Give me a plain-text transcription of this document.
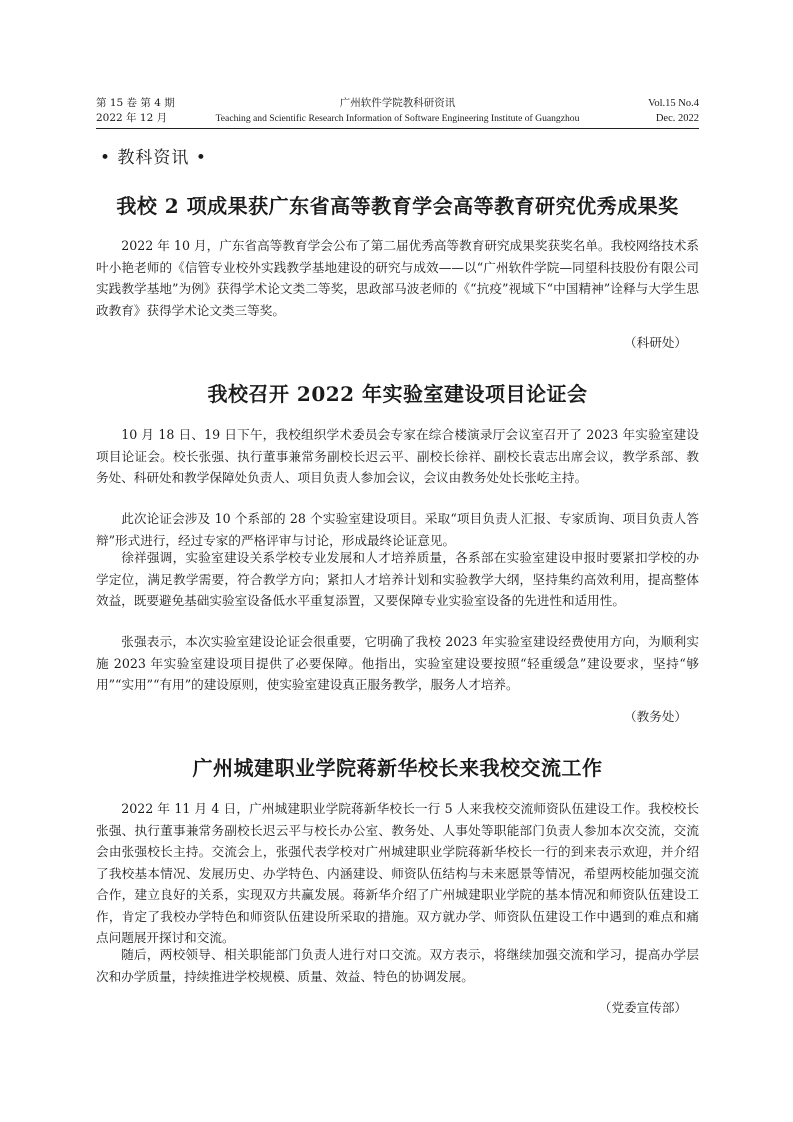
第 15 卷 第 4 期
2022 年 12 月
广州软件学院教科研资讯
Teaching and Scientific Research Information of Software Engineering Institute of Guangzhou
Vol.15 No.4
Dec. 2022
• 教科资讯 •
我校 2 项成果获广东省高等教育学会高等教育研究优秀成果奖

2022 年 10 月，广东省高等教育学会公布了第二届优秀高等教育研究成果奖获奖名单。我校网络技术系叶小艳老师的《信管专业校外实践教学基地建设的研究与成效——以“广州软件学院—同望科技股份有限公司实践教学基地”为例》获得学术论文类二等奖，思政部马波老师的《“抗疫”视域下“中国精神”诠释与大学生思政教育》获得学术论文类三等奖。

（科研处）
我校召开 2022 年实验室建设项目论证会

10 月 18 日、19 日下午，我校组织学术委员会专家在综合楼演录厅会议室召开了 2023 年实验室建设项目论证会。校长张强、执行董事兼常务副校长迟云平、副校长徐祥、副校长袁志出席会议，教学系部、教务处、科研处和教学保障处负责人、项目负责人参加会议，会议由教务处处长张屹主持。

此次论证会涉及 10 个系部的 28 个实验室建设项目。采取“项目负责人汇报、专家质询、项目负责人答辩”形式进行，经过专家的严格评审与讨论，形成最终论证意见。

徐祥强调，实验室建设关系学校专业发展和人才培养质量，各系部在实验室建设申报时要紧扣学校的办学定位，满足教学需要，符合教学方向；紧扣人才培养计划和实验教学大纲，坚持集约高效利用，提高整体效益，既要避免基础实验室设备低水平重复添置，又要保障专业实验室设备的先进性和适用性。

张强表示，本次实验室建设论证会很重要，它明确了我校 2023 年实验室建设经费使用方向，为顺利实施 2023 年实验室建设项目提供了必要保障。他指出，实验室建设要按照“轻重缓急”建设要求，坚持“够用”“实用”“有用”的建设原则，使实验室建设真正服务教学，服务人才培养。

（教务处）
广州城建职业学院蒋新华校长来我校交流工作

2022 年 11 月 4 日，广州城建职业学院蒋新华校长一行 5 人来我校交流师资队伍建设工作。我校校长张强、执行董事兼常务副校长迟云平与校长办公室、教务处、人事处等职能部门负责人参加本次交流，交流会由张强校长主持。交流会上，张强代表学校对广州城建职业学院蒋新华校长一行的到来表示欢迎，并介绍了我校基本情况、发展历史、办学特色、内涵建设、师资队伍结构与未来愿景等情况，希望两校能加强交流合作，建立良好的关系，实现双方共赢发展。蒋新华介绍了广州城建职业学院的基本情况和师资队伍建设工作，肯定了我校办学特色和师资队伍建设所采取的措施。双方就办学、师资队伍建设工作中遇到的难点和痛点问题展开探讨和交流。

随后，两校领导、相关职能部门负责人进行对口交流。双方表示，将继续加强交流和学习，提高办学层次和办学质量，持续推进学校规模、质量、效益、特色的协调发展。

（党委宣传部）
